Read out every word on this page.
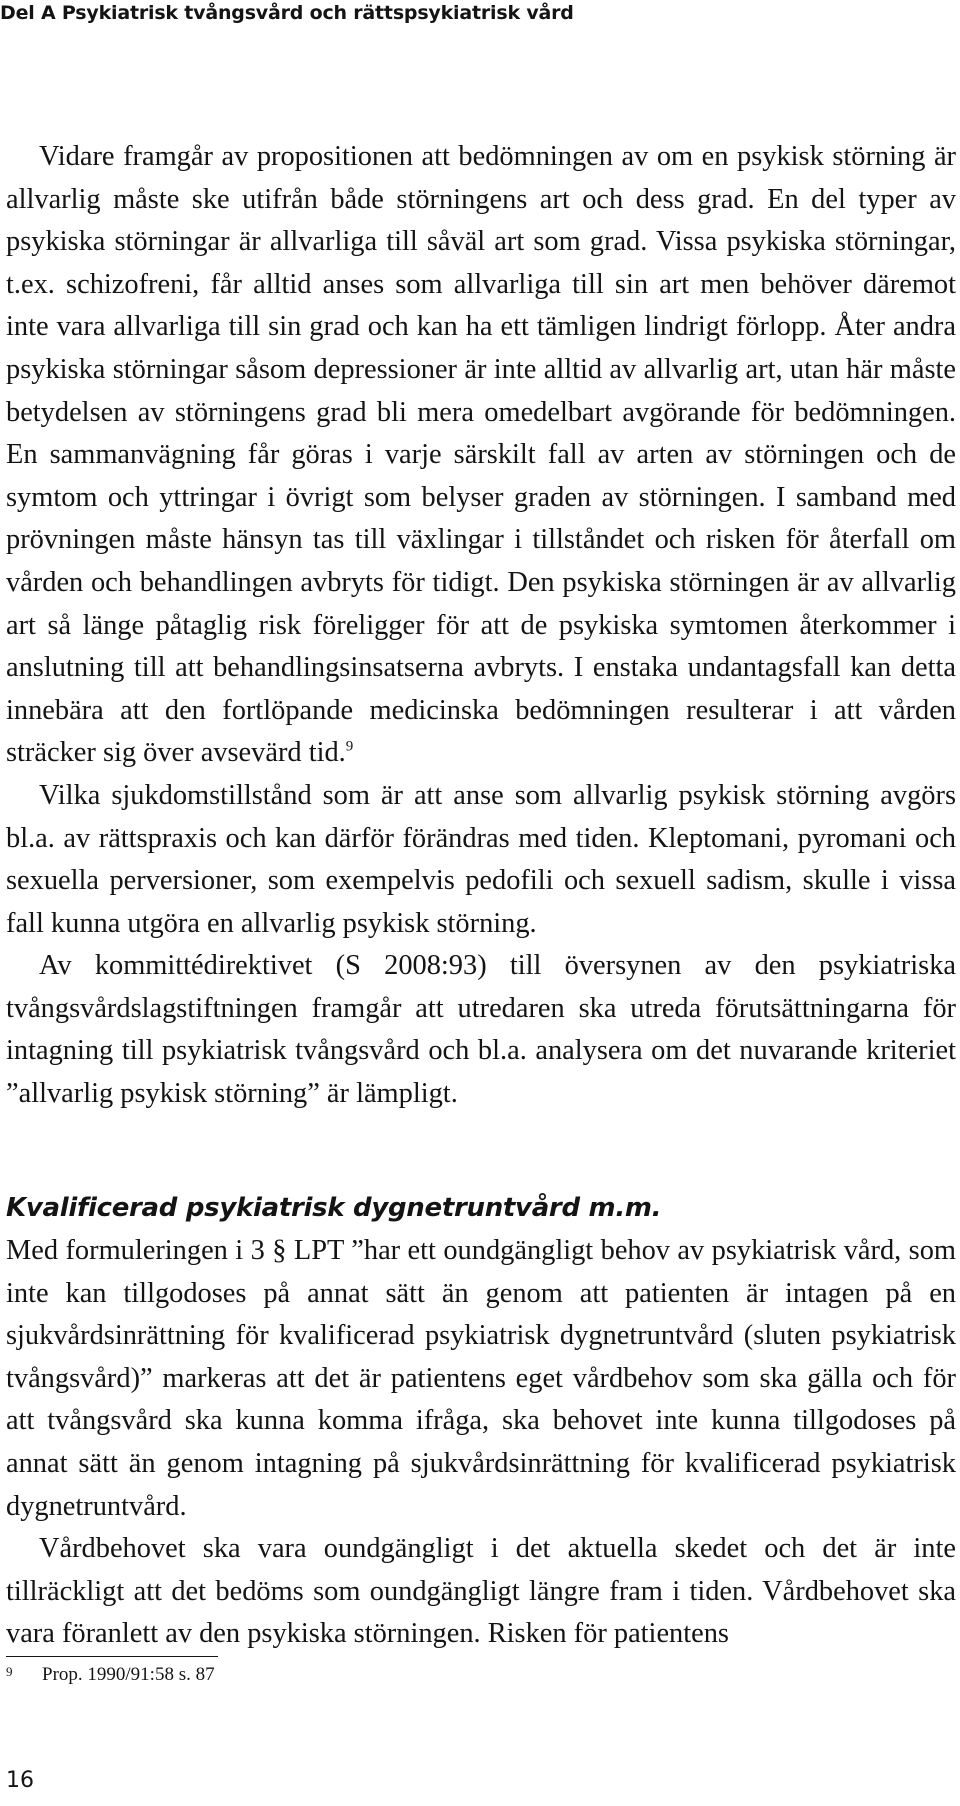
Del A Psykiatrisk tvångsvård och rättspsykiatrisk vård

Vidare framgår av propositionen att bedömningen av om en psykisk störning är allvarlig måste ske utifrån både störningens art och dess grad. En del typer av psykiska störningar är allvarliga till såväl art som grad. Vissa psykiska störningar, t.ex. schizofreni, får alltid anses som allvarliga till sin art men behöver däremot inte vara allvarliga till sin grad och kan ha ett tämligen lindrigt förlopp. Åter andra psykiska störningar såsom depressioner är inte alltid av allvarlig art, utan här måste betydelsen av störningens grad bli mera omedelbart avgörande för bedömningen. En sammanvägning får göras i varje särskilt fall av arten av störningen och de symtom och yttringar i övrigt som belyser graden av störningen. I samband med prövningen måste hänsyn tas till växlingar i tillståndet och risken för återfall om vården och behandlingen avbryts för tidigt. Den psykiska störningen är av allvarlig art så länge påtaglig risk föreligger för att de psykiska symtomen återkommer i anslutning till att behandlingsinsatserna avbryts. I enstaka undantagsfall kan detta innebära att den fortlöpande medicinska bedömningen resulterar i att vården sträcker sig över avsevärd tid.$^9$

Vilka sjukdomstillstånd som är att anse som allvarlig psykisk störning avgörs bl.a. av rättspraxis och kan därför förändras med tiden. Kleptomani, pyromani och sexuella perversioner, som exempelvis pedofili och sexuell sadism, skulle i vissa fall kunna utgöra en allvarlig psykisk störning.

Av kommittédirektivet (S 2008:93) till översynen av den psykiatriska tvångsvårdslagstiftningen framgår att utredaren ska utreda förutsättningarna för intagning till psykiatrisk tvångsvård och bl.a. analysera om det nuvarande kriteriet ”allvarlig psykisk störning” är lämpligt.

Kvalificerad psykiatrisk dygnetruntvård m.m.

Med formuleringen i 3 § LPT ”har ett oundgängligt behov av psykiatrisk vård, som inte kan tillgodoses på annat sätt än genom att patienten är intagen på en sjukvårdsinrättning för kvalificerad psykiatrisk dygnetruntvård (sluten psykiatrisk tvångsvård)” markeras att det är patientens eget vårdbehov som ska gälla och för att tvångsvård ska kunna komma ifråga, ska behovet inte kunna tillgodoses på annat sätt än genom intagning på sjukvårdsinrättning för kvalificerad psykiatrisk dygnetruntvård.

Vårdbehovet ska vara oundgängligt i det aktuella skedet och det är inte tillräckligt att det bedöms som oundgängligt längre fram i tiden. Vårdbehovet ska vara föranlett av den psykiska störningen. Risken för patientens

9 Prop. 1990/91:58 s. 87
16
